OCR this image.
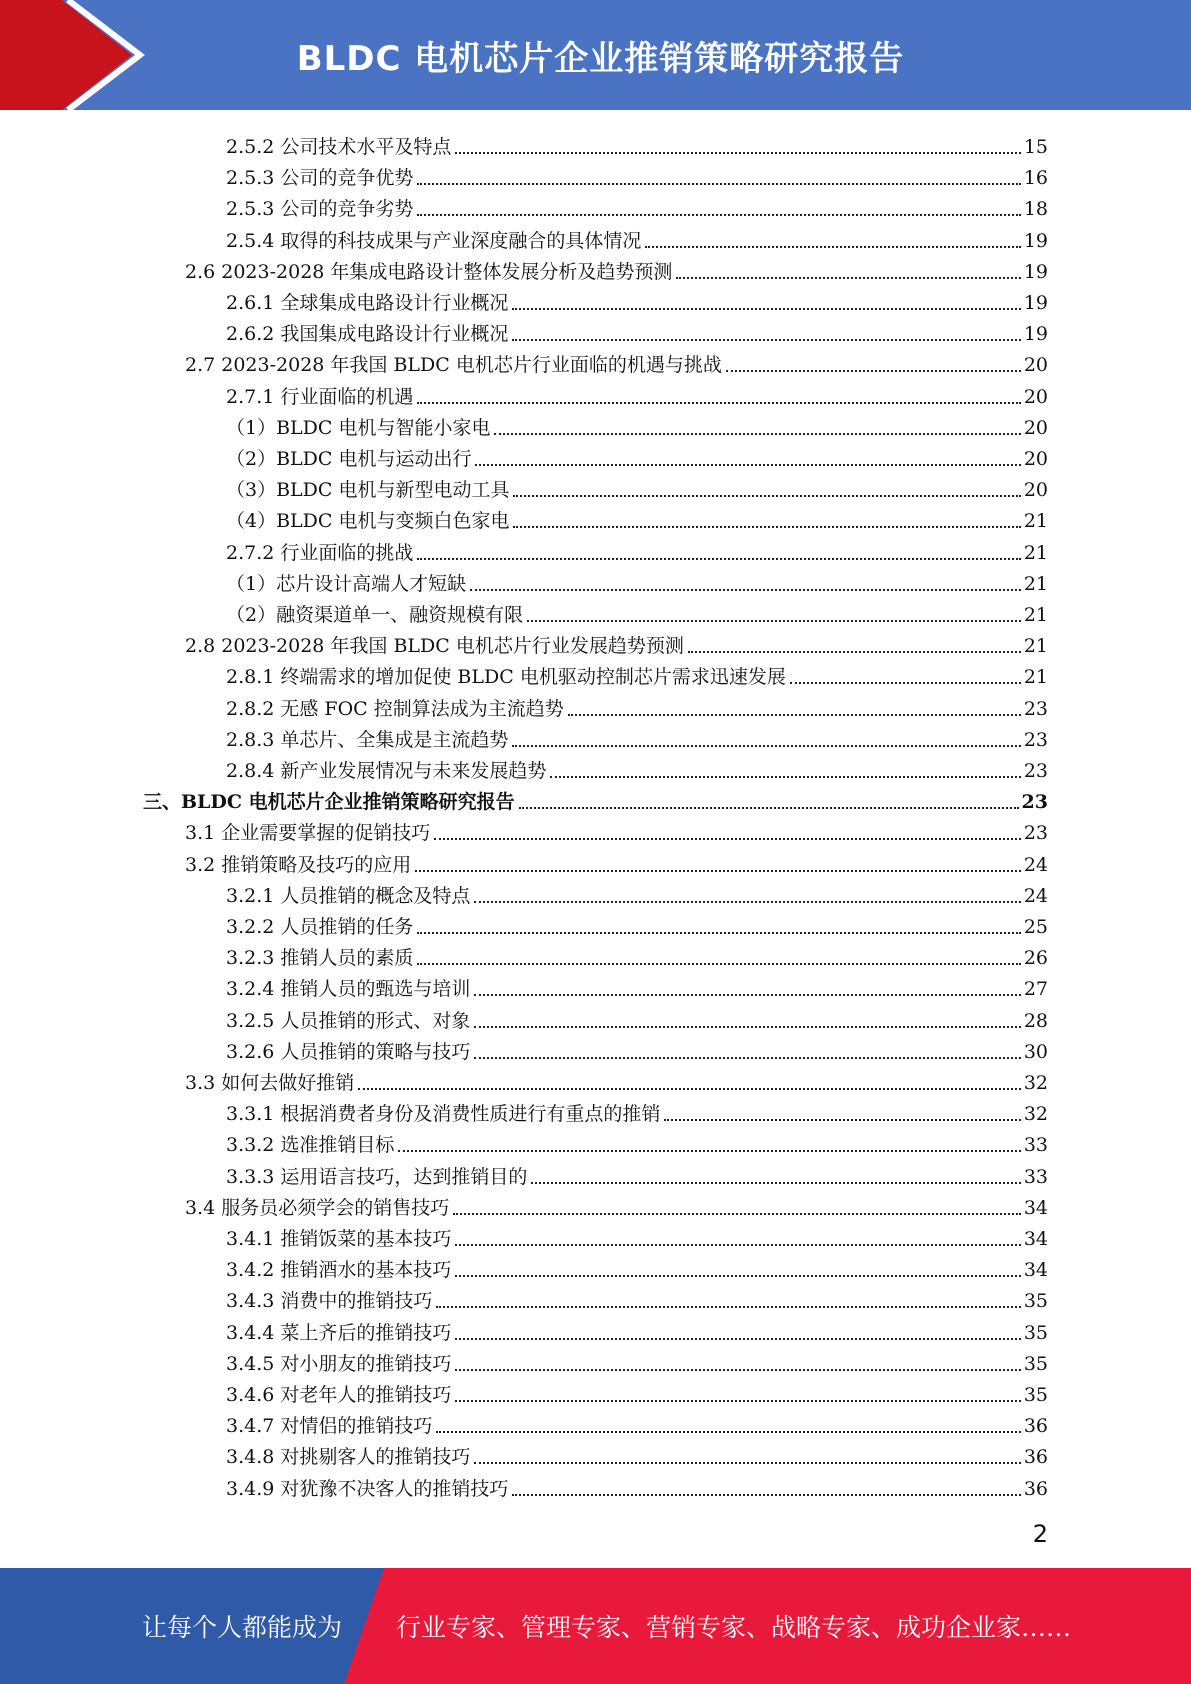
BLDC 电机芯片企业推销策略研究报告
2.5.2 公司技术水平及特点	15
2.5.3 公司的竞争优势	16
2.5.3 公司的竞争劣势	18
2.5.4 取得的科技成果与产业深度融合的具体情况	19
2.6 2023-2028 年集成电路设计整体发展分析及趋势预测	19
2.6.1 全球集成电路设计行业概况	19
2.6.2 我国集成电路设计行业概况	19
2.7 2023-2028 年我国 BLDC 电机芯片行业面临的机遇与挑战	20
2.7.1 行业面临的机遇	20
（1）BLDC 电机与智能小家电	20
（2）BLDC 电机与运动出行	20
（3）BLDC 电机与新型电动工具	20
（4）BLDC 电机与变频白色家电	21
2.7.2 行业面临的挑战	21
（1）芯片设计高端人才短缺	21
（2）融资渠道单一、融资规模有限	21
2.8 2023-2028 年我国 BLDC 电机芯片行业发展趋势预测	21
2.8.1 终端需求的增加促使 BLDC 电机驱动控制芯片需求迅速发展	21
2.8.2 无感 FOC 控制算法成为主流趋势	23
2.8.3 单芯片、全集成是主流趋势	23
2.8.4 新产业发展情况与未来发展趋势	23
三、BLDC 电机芯片企业推销策略研究报告	23
3.1 企业需要掌握的促销技巧	23
3.2 推销策略及技巧的应用	24
3.2.1 人员推销的概念及特点	24
3.2.2 人员推销的任务	25
3.2.3 推销人员的素质	26
3.2.4 推销人员的甄选与培训	27
3.2.5 人员推销的形式、对象	28
3.2.6 人员推销的策略与技巧	30
3.3 如何去做好推销	32
3.3.1 根据消费者身份及消费性质进行有重点的推销	32
3.3.2 选准推销目标	33
3.3.3 运用语言技巧，达到推销目的	33
3.4 服务员必须学会的销售技巧	34
3.4.1 推销饭菜的基本技巧	34
3.4.2 推销酒水的基本技巧	34
3.4.3 消费中的推销技巧	35
3.4.4 菜上齐后的推销技巧	35
3.4.5 对小朋友的推销技巧	35
3.4.6 对老年人的推销技巧	35
3.4.7 对情侣的推销技巧	36
3.4.8 对挑剔客人的推销技巧	36
3.4.9 对犹豫不决客人的推销技巧	36
2
让每个人都能成为 行业专家、管理专家、营销专家、战略专家、成功企业家……
